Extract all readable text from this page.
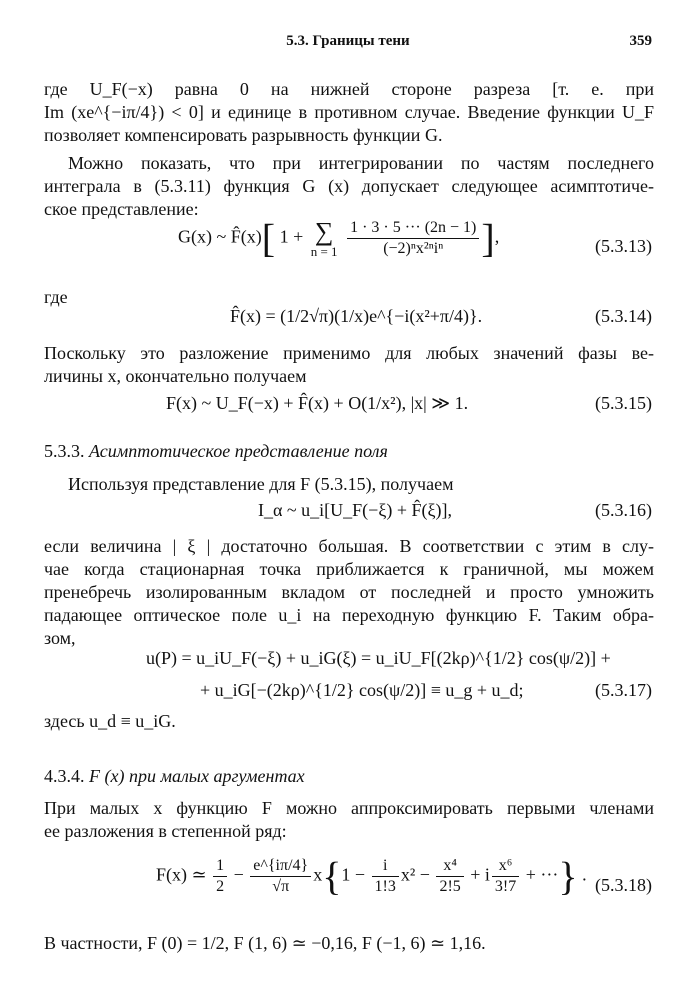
5.3. Границы тени	359
где U_F(−x) равна 0 на нижней стороне разреза [т. е. при
Im (xe^{−iπ/4}) < 0] и единице в противном случае. Введение функции U_F
позволяет компенсировать разрывность функции G.
Можно показать, что при интегрировании по частям последнего
интеграла в (5.3.11) функция G (x) допускает следующее асимптотиче-
ское представление:
G(x) ~ F̂(x)[ 1 + ∑
$n = 1 \frac{1 \cdot 3 \cdot 5 \cdot\cdot\cdot (2n - 1)}{\text{(−2)ⁿx²ⁿiⁿ}}$ ],	(5.3.13)
где
F̂(x) = (1/2√π)(1/x)e^{−i(x²+π/4)}.	(5.3.14)
Поскольку это разложение применимо для любых значений фазы ве-
личины x, окончательно получаем
F(x) ~ U_F(−x) + F̂(x) + O(1/x²), |x| ≫ 1.	(5.3.15)
5.3.3. Асимптотическое представление поля
Используя представление для F (5.3.15), получаем
I_α ~ u_i[U_F(−ξ) + F̂(ξ)],	(5.3.16)
если величина | ξ | достаточно большая. В соответствии с этим в слу-
чае когда стационарная точка приближается к граничной, мы можем
пренебречь изолированным вкладом от последней и просто умножить
падающее оптическое поле u_i на переходную функцию F. Таким обра-
зом,
u(P) = u_iU_F(−ξ) + u_iG(ξ) = u_iU_F[(2kρ)^{1/2} cos(ψ/2)] +
+ u_iG[−(2kρ)^{1/2} cos(ψ/2)] ≡ u_g + u_d;	(5.3.17)
здесь u_d ≡ u_iG.
4.3.4. F (x) при малых аргументах
При малых x функцию F можно аппроксимировать первыми членами
ее разложения в степенной ряд:
F(x) ≃ $\frac{1}{2} - \frac{e\^{}\{i\pi/4\}}{√\pi} x\{1 - \frac{i}{1!3} x^2 - \frac{\text{x⁴}}{2!5} + i \frac{\text{x⁶}}{3!7}$ + ···} .
(5.3.18)
В частности, F (0) = 1/2, F (1, 6) ≃ −0,16, F (−1, 6) ≃ 1,16.
